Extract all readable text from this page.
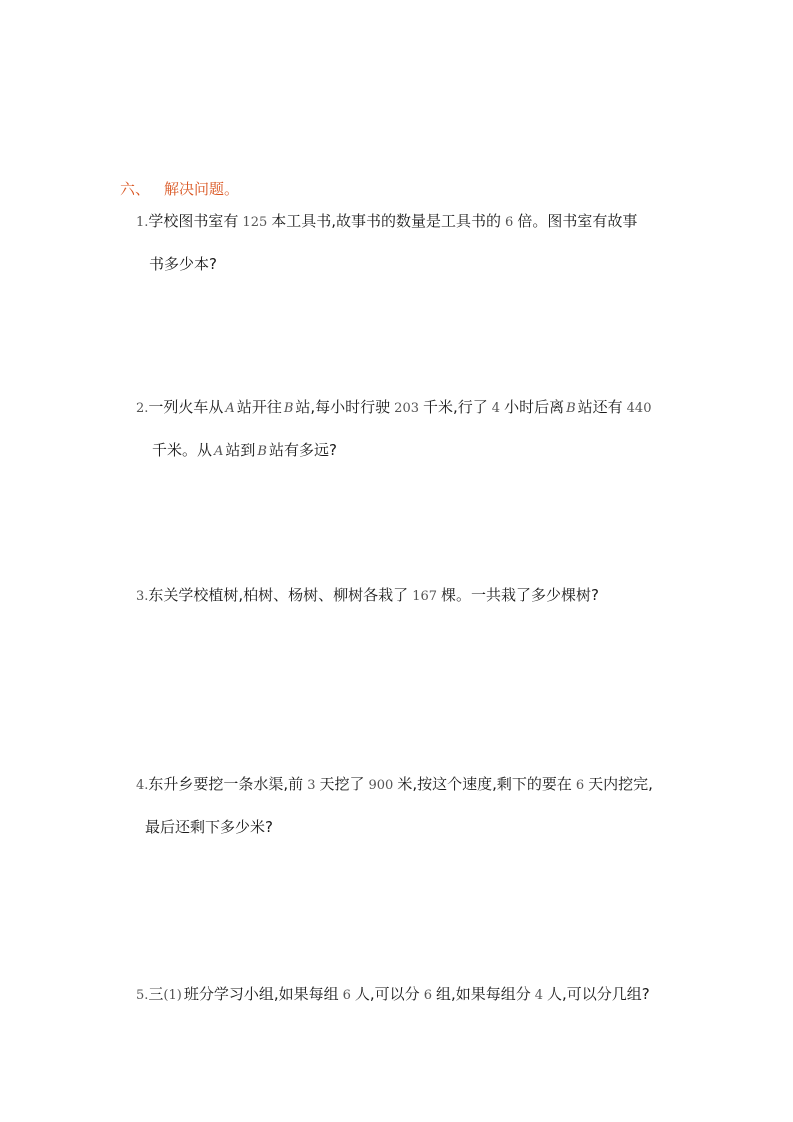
六、 解决问题。
1.学校图书室有 125 本工具书,故事书的数量是工具书的 6 倍。图书室有故事
书多少本?
2.一列火车从 A 站开往 B 站,每小时行驶 203 千米,行了 4 小时后离 B 站还有 440
千米。从 A 站到 B 站有多远?
3.东关学校植树,柏树、杨树、柳树各栽了 167 棵。一共栽了多少棵树?
4.东升乡要挖一条水渠,前 3 天挖了 900 米,按这个速度,剩下的要在 6 天内挖完,
最后还剩下多少米?
5.三(1) 班分学习小组,如果每组 6 人,可以分 6 组,如果每组分 4 人,可以分几组?
